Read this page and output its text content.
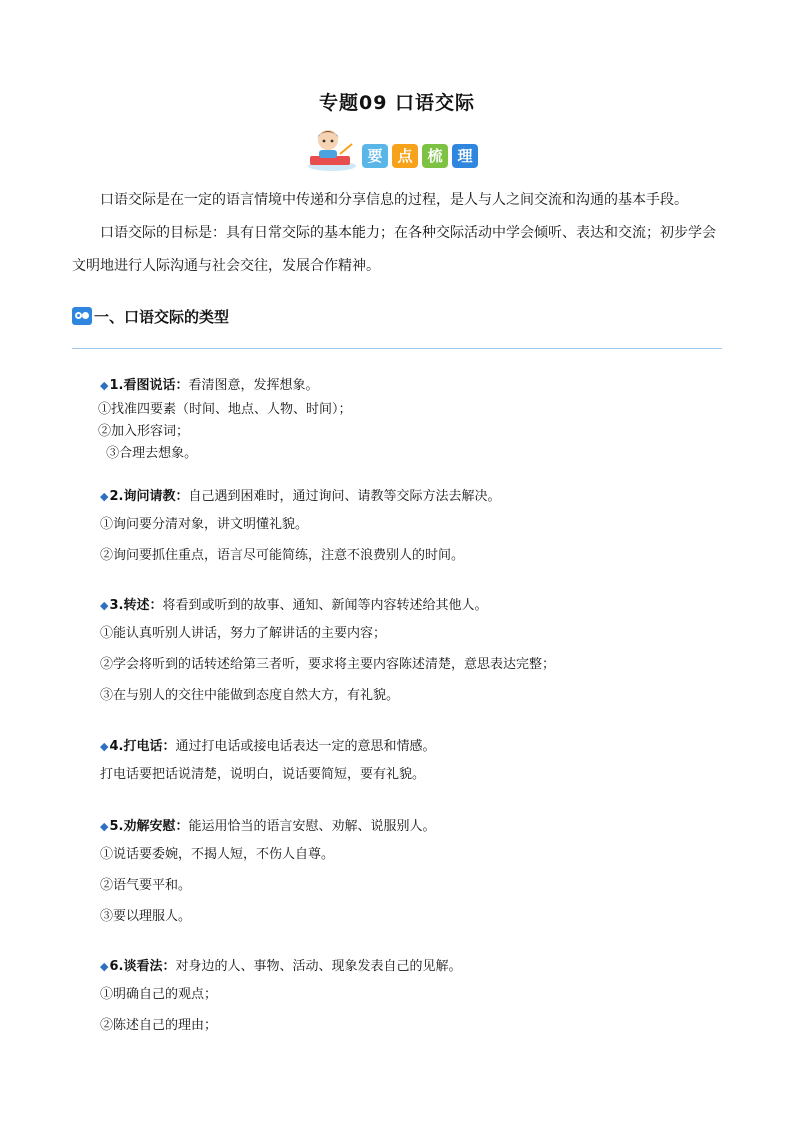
专题09 口语交际
要 点 梳 理

口语交际是在一定的语言情境中传递和分享信息的过程，是人与人之间交流和沟通的基本手段。

口语交际的目标是：具有日常交际的基本能力；在各种交际活动中学会倾听、表达和交流；初步学会文明地进行人际沟通与社会交往，发展合作精神。

一、口语交际的类型
◆1.看图说话：看清图意，发挥想象。

①找准四要素（时间、地点、人物、时间）；

②加入形容词；

③合理去想象。

◆2.询问请教：自己遇到困难时，通过询问、请教等交际方法去解决。

①询问要分清对象，讲文明懂礼貌。

②询问要抓住重点，语言尽可能简练，注意不浪费别人的时间。

◆3.转述：将看到或听到的故事、通知、新闻等内容转述给其他人。

①能认真听别人讲话，努力了解讲话的主要内容；

②学会将听到的话转述给第三者听，要求将主要内容陈述清楚，意思表达完整；

③在与别人的交往中能做到态度自然大方，有礼貌。

◆4.打电话：通过打电话或接电话表达一定的意思和情感。

打电话要把话说清楚，说明白，说话要简短，要有礼貌。

◆5.劝解安慰：能运用恰当的语言安慰、劝解、说服别人。

①说话要委婉，不揭人短，不伤人自尊。

②语气要平和。

③要以理服人。

◆6.谈看法：对身边的人、事物、活动、现象发表自己的见解。

①明确自己的观点；

②陈述自己的理由；
